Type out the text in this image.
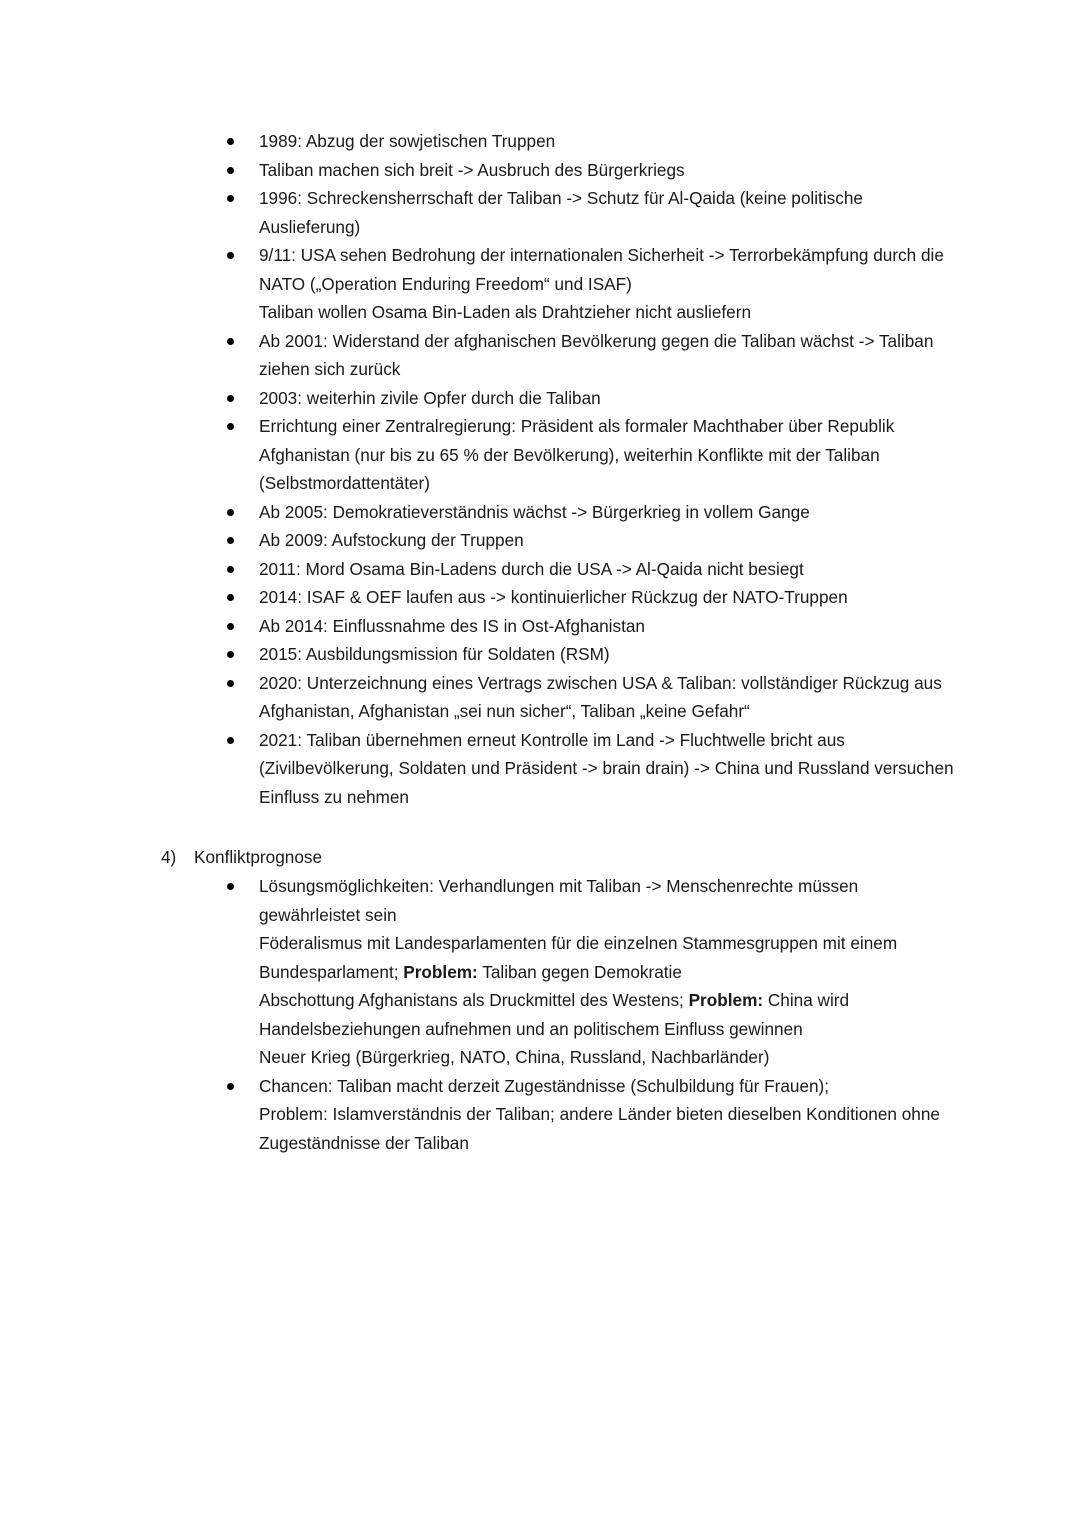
1989: Abzug der sowjetischen Truppen
Taliban machen sich breit -> Ausbruch des Bürgerkriegs
1996: Schreckensherrschaft der Taliban -> Schutz für Al-Qaida (keine politische Auslieferung)
9/11: USA sehen Bedrohung der internationalen Sicherheit -> Terrorbekämpfung durch die NATO („Operation Enduring Freedom“ und ISAF)
Taliban wollen Osama Bin-Laden als Drahtzieher nicht ausliefern
Ab 2001: Widerstand der afghanischen Bevölkerung gegen die Taliban wächst -> Taliban ziehen sich zurück
2003: weiterhin zivile Opfer durch die Taliban
Errichtung einer Zentralregierung: Präsident als formaler Machthaber über Republik Afghanistan (nur bis zu 65 % der Bevölkerung), weiterhin Konflikte mit der Taliban (Selbstmordattentäter)
Ab 2005: Demokratieverständnis wächst -> Bürgerkrieg in vollem Gange
Ab 2009: Aufstockung der Truppen
2011: Mord Osama Bin-Ladens durch die USA -> Al-Qaida nicht besiegt
2014: ISAF & OEF laufen aus -> kontinuierlicher Rückzug der NATO-Truppen
Ab 2014: Einflussnahme des IS in Ost-Afghanistan
2015: Ausbildungsmission für Soldaten (RSM)
2020: Unterzeichnung eines Vertrags zwischen USA & Taliban: vollständiger Rückzug aus Afghanistan, Afghanistan „sei nun sicher“, Taliban „keine Gefahr“
2021: Taliban übernehmen erneut Kontrolle im Land -> Fluchtwelle bricht aus (Zivilbevölkerung, Soldaten und Präsident -> brain drain) -> China und Russland versuchen Einfluss zu nehmen
4) Konfliktprognose
Lösungsmöglichkeiten: Verhandlungen mit Taliban -> Menschenrechte müssen gewährleistet sein
Föderalismus mit Landesparlamenten für die einzelnen Stammesgruppen mit einem Bundesparlament; Problem: Taliban gegen Demokratie
Abschottung Afghanistans als Druckmittel des Westens; Problem: China wird Handelsbeziehungen aufnehmen und an politischem Einfluss gewinnen
Neuer Krieg (Bürgerkrieg, NATO, China, Russland, Nachbarländer)
Chancen: Taliban macht derzeit Zugeständnisse (Schulbildung für Frauen);
Problem: Islamverständnis der Taliban; andere Länder bieten dieselben Konditionen ohne Zugeständnisse der Taliban
